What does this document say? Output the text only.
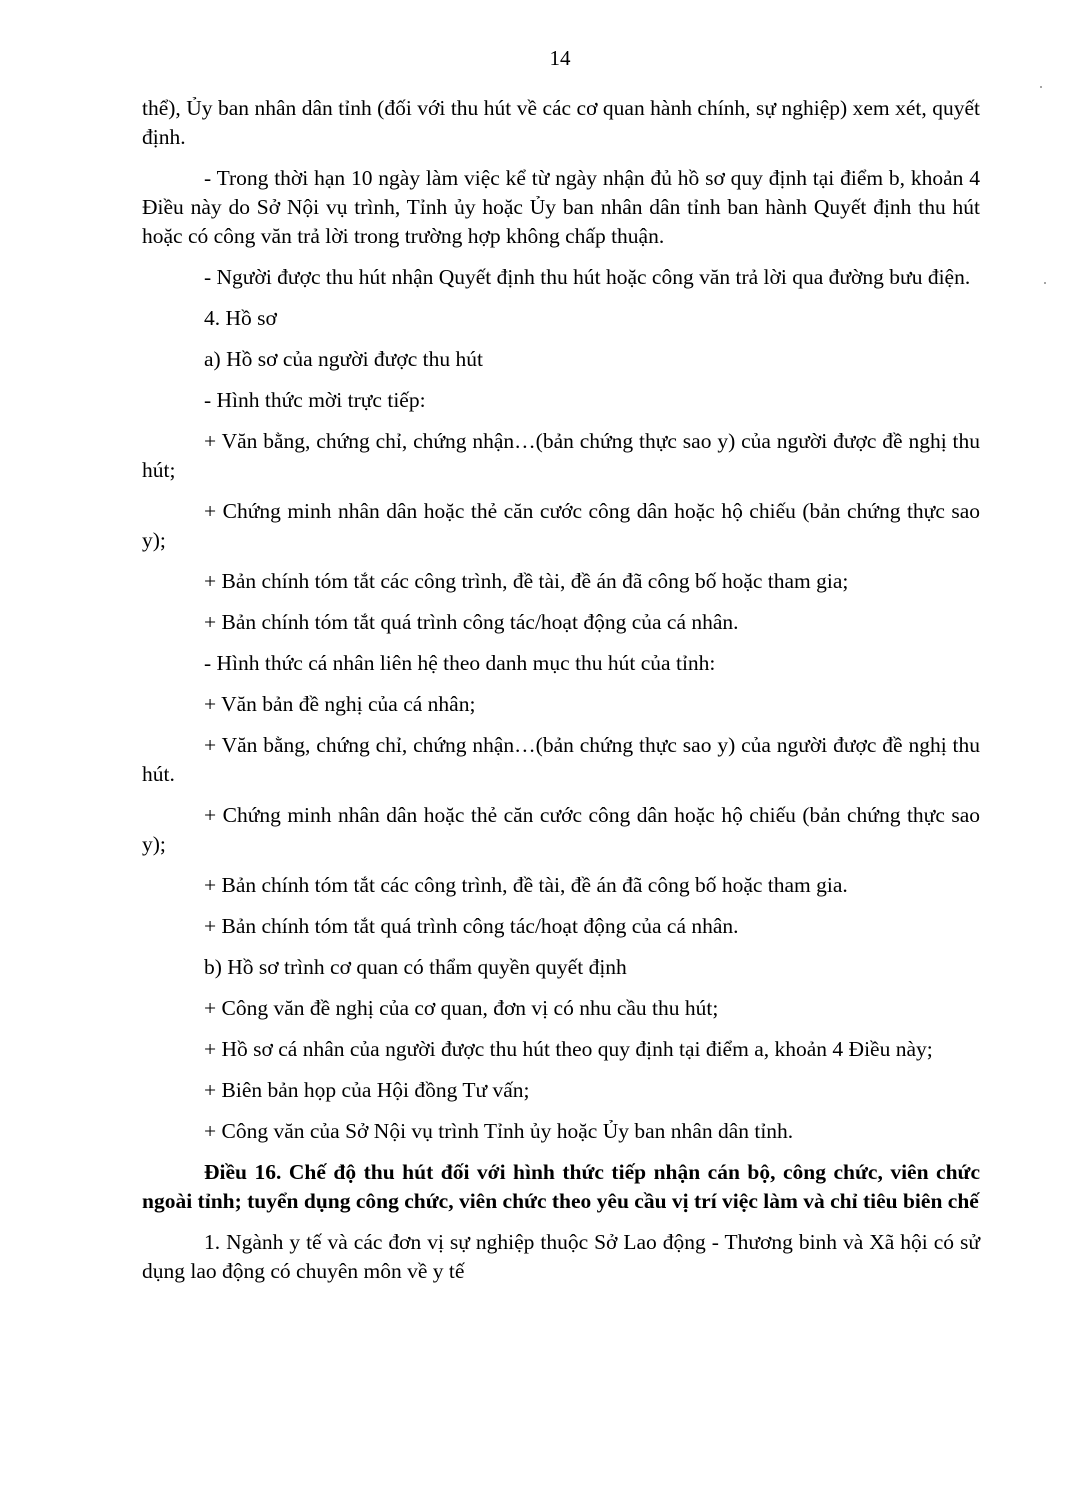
14

thể), Ủy ban nhân dân tỉnh (đối với thu hút về các cơ quan hành chính, sự nghiệp) xem xét, quyết định.

- Trong thời hạn 10 ngày làm việc kể từ ngày nhận đủ hồ sơ quy định tại điểm b, khoản 4 Điều này do Sở Nội vụ trình, Tỉnh ủy hoặc Ủy ban nhân dân tỉnh ban hành Quyết định thu hút hoặc có công văn trả lời trong trường hợp không chấp thuận.

- Người được thu hút nhận Quyết định thu hút hoặc công văn trả lời qua đường bưu điện.

4. Hồ sơ

a) Hồ sơ của người được thu hút

- Hình thức mời trực tiếp:

+ Văn bằng, chứng chỉ, chứng nhận…(bản chứng thực sao y) của người được đề nghị thu hút;

+ Chứng minh nhân dân hoặc thẻ căn cước công dân hoặc hộ chiếu (bản chứng thực sao y);

+ Bản chính tóm tắt các công trình, đề tài, đề án đã công bố hoặc tham gia;

+ Bản chính tóm tắt quá trình công tác/hoạt động của cá nhân.

- Hình thức cá nhân liên hệ theo danh mục thu hút của tỉnh:

+ Văn bản đề nghị của cá nhân;

+ Văn bằng, chứng chỉ, chứng nhận…(bản chứng thực sao y) của người được đề nghị thu hút.

+ Chứng minh nhân dân hoặc thẻ căn cước công dân hoặc hộ chiếu (bản chứng thực sao y);

+ Bản chính tóm tắt các công trình, đề tài, đề án đã công bố hoặc tham gia.

+ Bản chính tóm tắt quá trình công tác/hoạt động của cá nhân.

b) Hồ sơ trình cơ quan có thẩm quyền quyết định

+ Công văn đề nghị của cơ quan, đơn vị có nhu cầu thu hút;

+ Hồ sơ cá nhân của người được thu hút theo quy định tại điểm a, khoản 4 Điều này;

+ Biên bản họp của Hội đồng Tư vấn;

+ Công văn của Sở Nội vụ trình Tỉnh ủy hoặc Ủy ban nhân dân tỉnh.

Điều 16. Chế độ thu hút đối với hình thức tiếp nhận cán bộ, công chức, viên chức ngoài tỉnh; tuyển dụng công chức, viên chức theo yêu cầu vị trí việc làm và chỉ tiêu biên chế

1. Ngành y tế và các đơn vị sự nghiệp thuộc Sở Lao động - Thương binh và Xã hội có sử dụng lao động có chuyên môn về y tế
